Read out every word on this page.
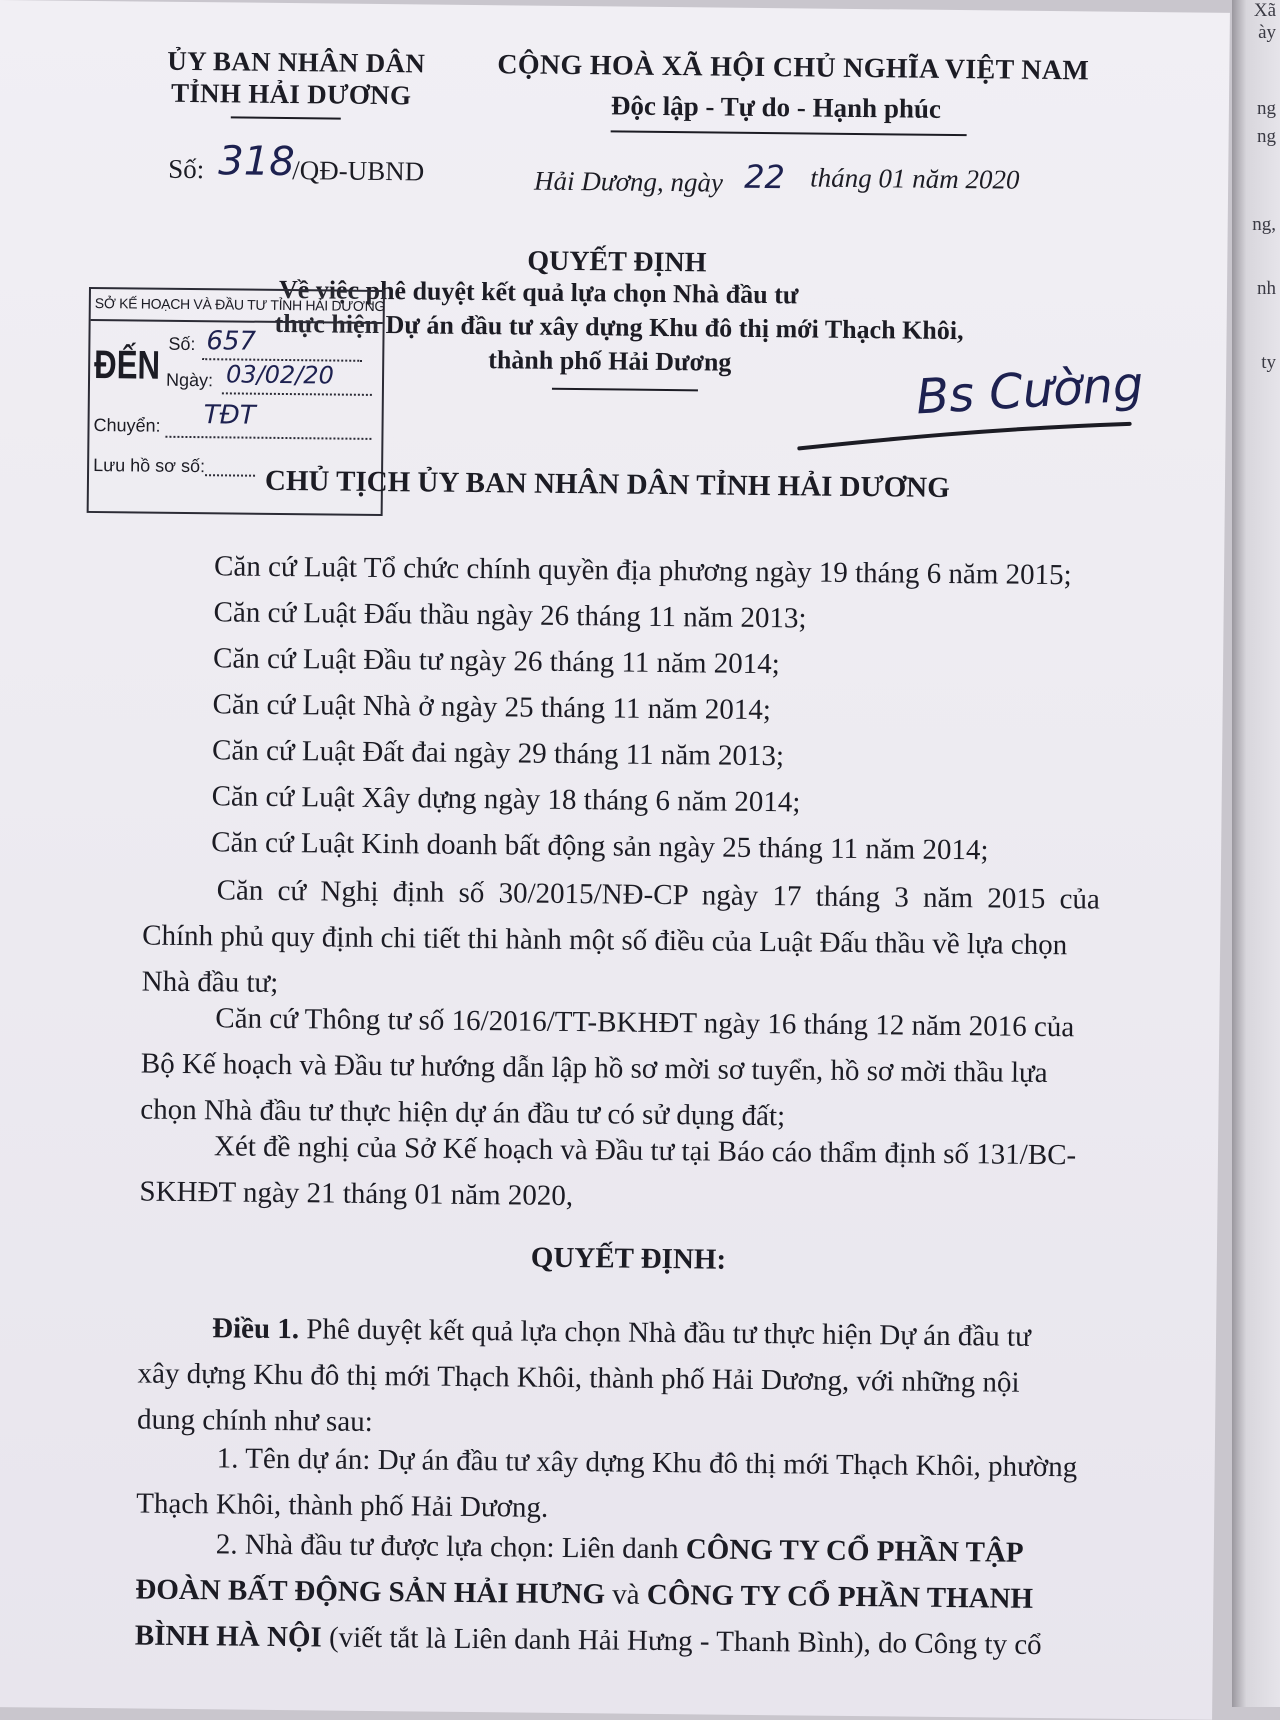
ỦY BAN NHÂN DÂN
TỈNH HẢI DƯƠNG
CỘNG HOÀ XÃ HỘI CHỦ NGHĨA VIỆT NAM
Độc lập - Tự do - Hạnh phúc
Số: 318
/QĐ-UBND	Hải Dương, ngày 22 tháng 01 năm 2020
QUYẾT ĐỊNH
Về việc phê duyệt kết quả lựa chọn Nhà đầu tư
thực hiện Dự án đầu tư xây dựng Khu đô thị mới Thạch Khôi,
thành phố Hải Dương	Bs Cường
SỞ KẾ HOẠCH VÀ ĐẦU TƯ TỈNH HẢI DƯƠNG
ĐẾN Số: 657
Ngày: 03/02/20
Chuyển: TĐT
Lưu hồ sơ số: CHỦ TỊCH ỦY BAN NHÂN DÂN TỈNH HẢI DƯƠNG
Căn cứ Luật Tổ chức chính quyền địa phương ngày 19 tháng 6 năm 2015;
Căn cứ Luật Đấu thầu ngày 26 tháng 11 năm 2013;
Căn cứ Luật Đầu tư ngày 26 tháng 11 năm 2014;
Căn cứ Luật Nhà ở ngày 25 tháng 11 năm 2014;
Căn cứ Luật Đất đai ngày 29 tháng 11 năm 2013;
Căn cứ Luật Xây dựng ngày 18 tháng 6 năm 2014;
Căn cứ Luật Kinh doanh bất động sản ngày 25 tháng 11 năm 2014;
Căn cứ Nghị định số 30/2015/NĐ-CP ngày 17 tháng 3 năm 2015 của
Chính phủ quy định chi tiết thi hành một số điều của Luật Đấu thầu về lựa chọn
Nhà đầu tư;
Căn cứ Thông tư số 16/2016/TT-BKHĐT ngày 16 tháng 12 năm 2016 của
Bộ Kế hoạch và Đầu tư hướng dẫn lập hồ sơ mời sơ tuyển, hồ sơ mời thầu lựa
chọn Nhà đầu tư thực hiện dự án đầu tư có sử dụng đất;
Xét đề nghị của Sở Kế hoạch và Đầu tư tại Báo cáo thẩm định số 131/BC-
SKHĐT ngày 21 tháng 01 năm 2020,
QUYẾT ĐỊNH:
Điều 1. Phê duyệt kết quả lựa chọn Nhà đầu tư thực hiện Dự án đầu tư
xây dựng Khu đô thị mới Thạch Khôi, thành phố Hải Dương, với những nội
dung chính như sau:
1. Tên dự án: Dự án đầu tư xây dựng Khu đô thị mới Thạch Khôi, phường
Thạch Khôi, thành phố Hải Dương.
2. Nhà đầu tư được lựa chọn: Liên danh CÔNG TY CỔ PHẦN TẬP
ĐOÀN BẤT ĐỘNG SẢN HẢI HƯNG và CÔNG TY CỔ PHẦN THANH
BÌNH HÀ NỘI (viết tắt là Liên danh Hải Hưng - Thanh Bình), do Công ty cổ
Xã
ày
ng
ng
ng,
nh
ty
